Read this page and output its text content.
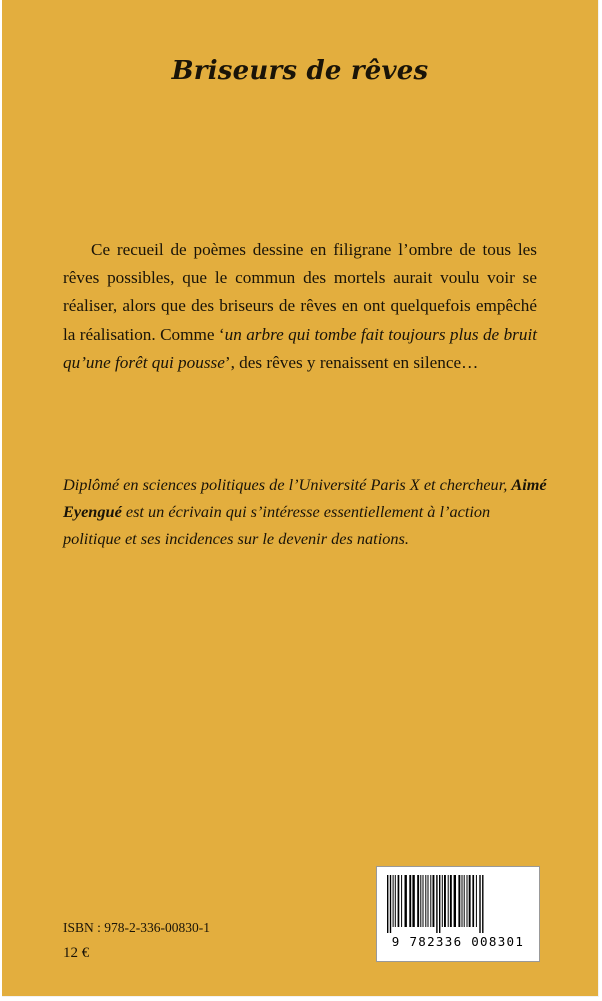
Briseurs de rêves

Ce recueil de poèmes dessine en filigrane l’ombre de tous les rêves possibles, que le commun des mortels aurait voulu voir se réaliser, alors que des briseurs de rêves en ont quelquefois empêché la réalisation. Comme ‘un arbre qui tombe fait toujours plus de bruit qu’une forêt qui pousse’, des rêves y renaissent en silence…

Diplômé en sciences politiques de l’Université Paris X et chercheur, Aimé Eyengué est un écrivain qui s’intéresse essentiellement à l’action politique et ses incidences sur le devenir des nations.

ISBN : 978-2-336-00830-1
12 €
9 782336 008301
